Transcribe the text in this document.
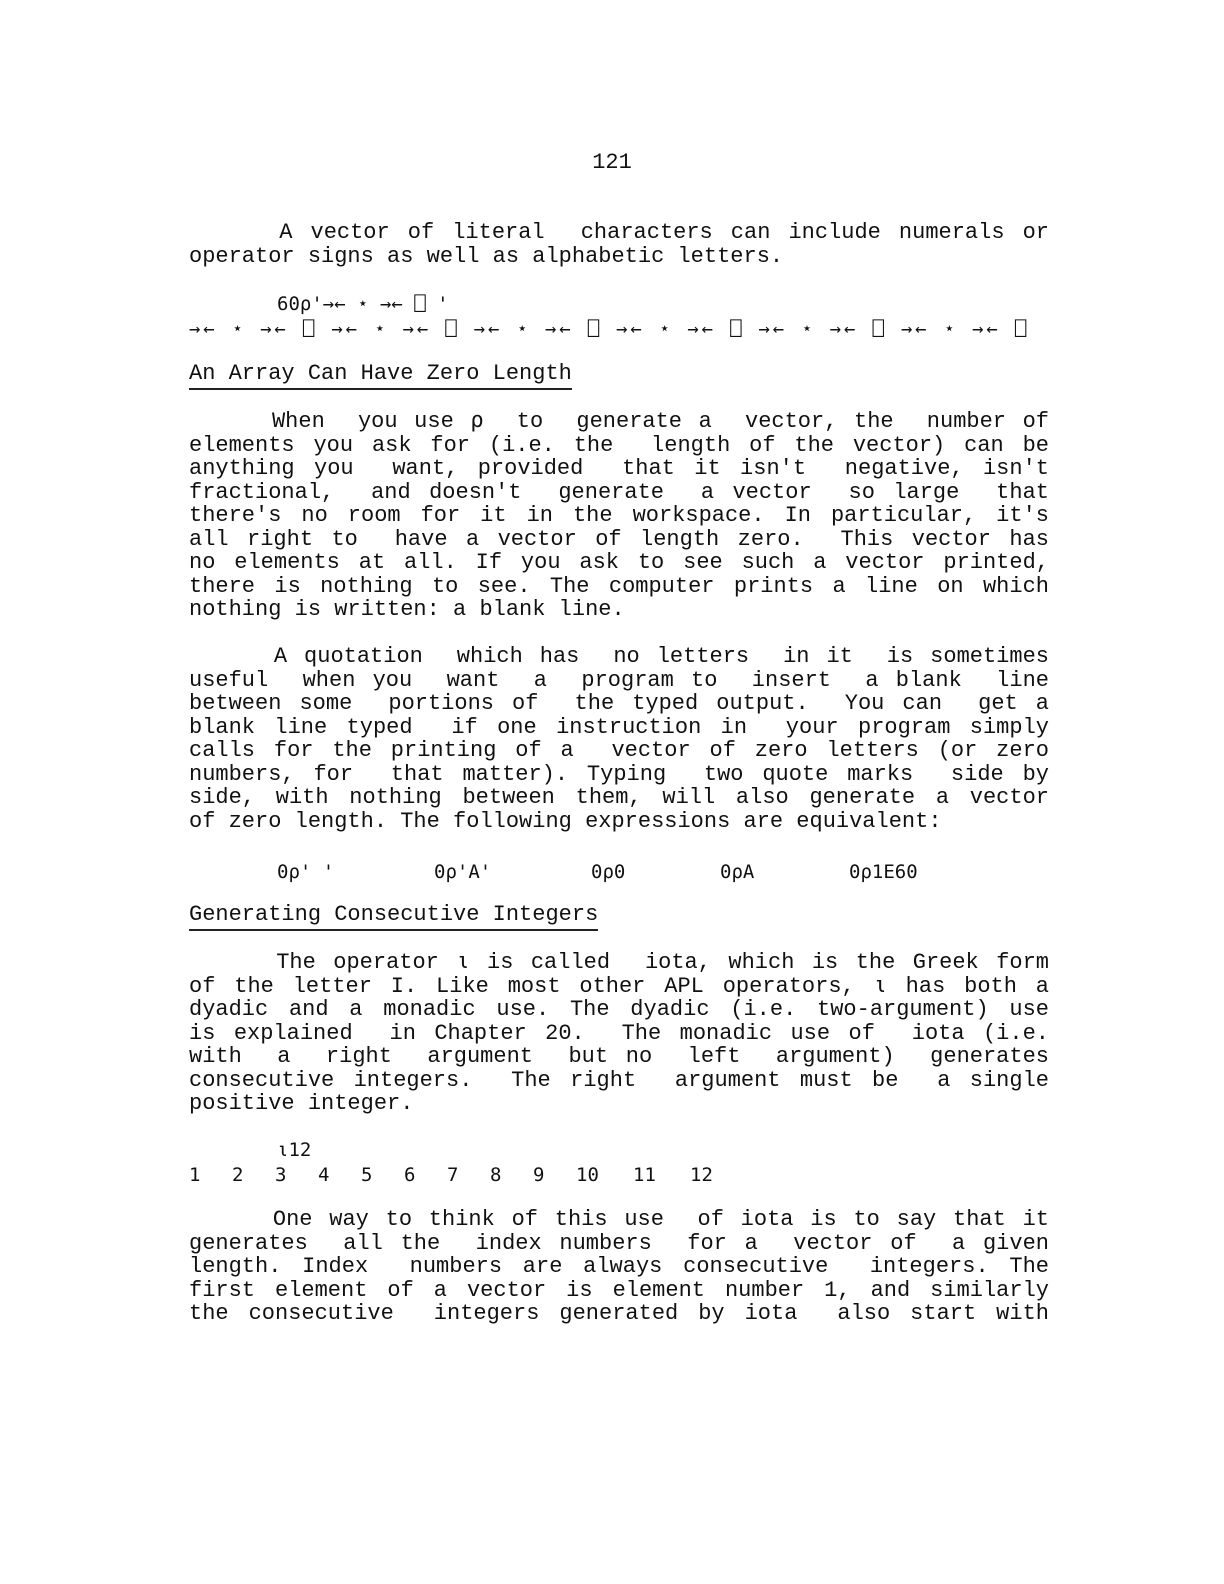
121
A vector of literal  characters can include numerals or
operator signs as well as alphabetic letters.
60⍴'→← ⋆ →← ⎕ '
→← ⋆ →← ⎕ →← ⋆ →← ⎕ →← ⋆ →← ⎕ →← ⋆ →← ⎕ →← ⋆ →← ⎕ →← ⋆ →← ⎕
An Array Can Have Zero Length
When  you use ⍴  to  generate a  vector, the  number of
elements you ask for (i.e. the  length of the vector) can be
anything you  want, provided  that it isn't  negative, isn't
fractional,  and doesn't  generate  a vector  so large  that
there's no room for it in the workspace. In particular, it's
all right to  have a vector of length zero.  This vector has
no elements at all. If you ask to see such a vector printed,
there is nothing to see. The computer prints a line on which
nothing is written: a blank line.
A quotation  which has  no letters  in it  is sometimes
useful  when you  want  a  program to  insert  a blank  line
between some  portions of  the typed output.  You can  get a
blank line typed  if one instruction in  your program simply
calls for the printing of a  vector of zero letters (or zero
numbers, for  that matter). Typing  two quote marks  side by
side, with nothing between them, will also generate a vector
of zero length. The following expressions are equivalent:
0⍴' '	0⍴'A'	0⍴0	0⍴A	0⍴1E60
Generating Consecutive Integers
The operator ⍳ is called  iota, which is the Greek form
of the letter I. Like most other APL operators, ⍳ has both a
dyadic and a monadic use. The dyadic (i.e. two-argument) use
is explained  in Chapter 20.  The monadic use of  iota (i.e.
with  a  right  argument  but no  left  argument)  generates
consecutive integers.  The right  argument must be  a single
positive integer.
⍳12
1 2 3 4 5 6 7 8 9 10 11 12
One way to think of this use  of iota is to say that it
generates  all the  index numbers  for a  vector of  a given
length. Index  numbers are always consecutive  integers. The
first element of a vector is element number 1, and similarly
the consecutive  integers generated by iota  also start with
